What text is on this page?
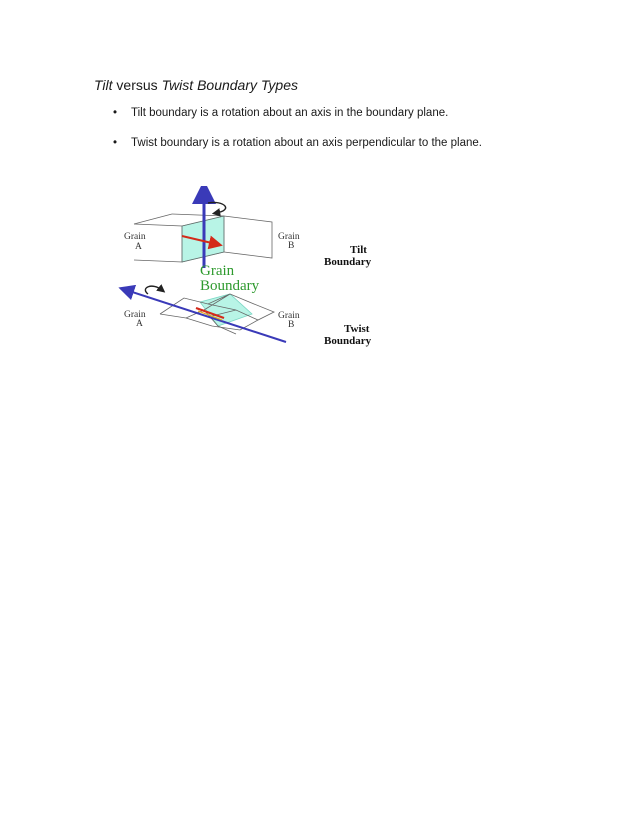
Tilt versus Twist Boundary Types
• Tilt boundary is a rotation about an axis in the boundary plane.
• Twist boundary is a rotation about an axis perpendicular to the plane.
Grain
A
Grain
B	Tilt
Boundary
Grain
Boundary
Grain
A
Grain
B	Twist
Boundary
